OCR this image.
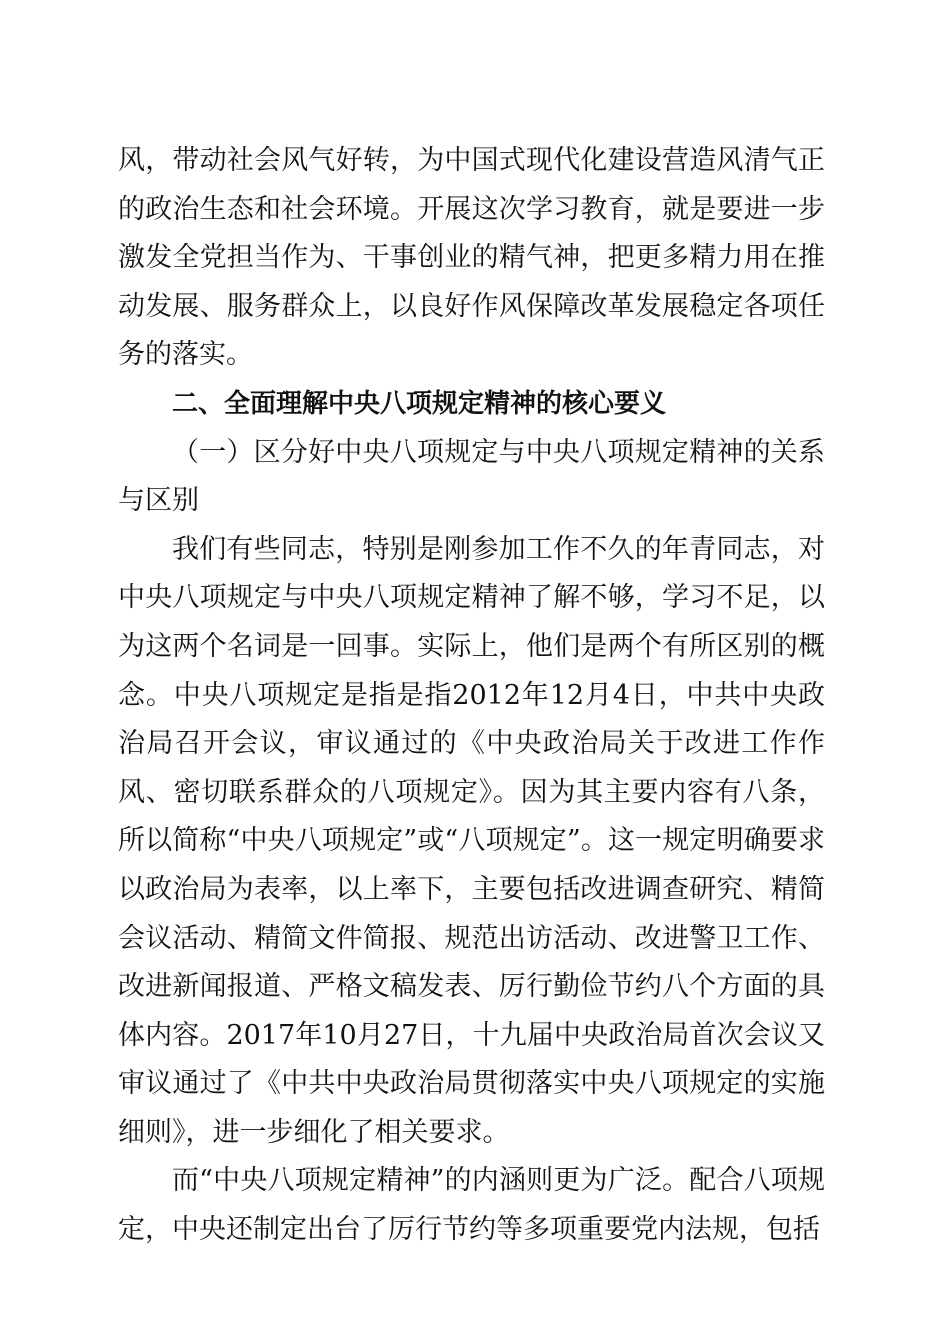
风，带动社会风气好转，为中国式现代化建设营造风清气正的政治生态和社会环境。开展这次学习教育，就是要进一步激发全党担当作为、干事创业的精气神，把更多精力用在推动发展、服务群众上，以良好作风保障改革发展稳定各项任务的落实。

二、全面理解中央八项规定精神的核心要义

（一）区分好中央八项规定与中央八项规定精神的关系与区别

我们有些同志，特别是刚参加工作不久的年青同志，对中央八项规定与中央八项规定精神了解不够，学习不足，以为这两个名词是一回事。实际上，他们是两个有所区别的概念。中央八项规定是指是指2012年12月4日，中共中央政治局召开会议，审议通过的《中央政治局关于改进工作作风、密切联系群众的八项规定》。因为其主要内容有八条，所以简称“中央八项规定”或“八项规定”。这一规定明确要求以政治局为表率，以上率下，主要包括改进调查研究、精简会议活动、精简文件简报、规范出访活动、改进警卫工作、改进新闻报道、严格文稿发表、厉行勤俭节约八个方面的具体内容。2017年10月27日，十九届中央政治局首次会议又审议通过了《中共中央政治局贯彻落实中央八项规定的实施细则》，进一步细化了相关要求。

而“中央八项规定精神”的内涵则更为广泛。配合八项规定，中央还制定出台了厉行节约等多项重要党内法规，包括
